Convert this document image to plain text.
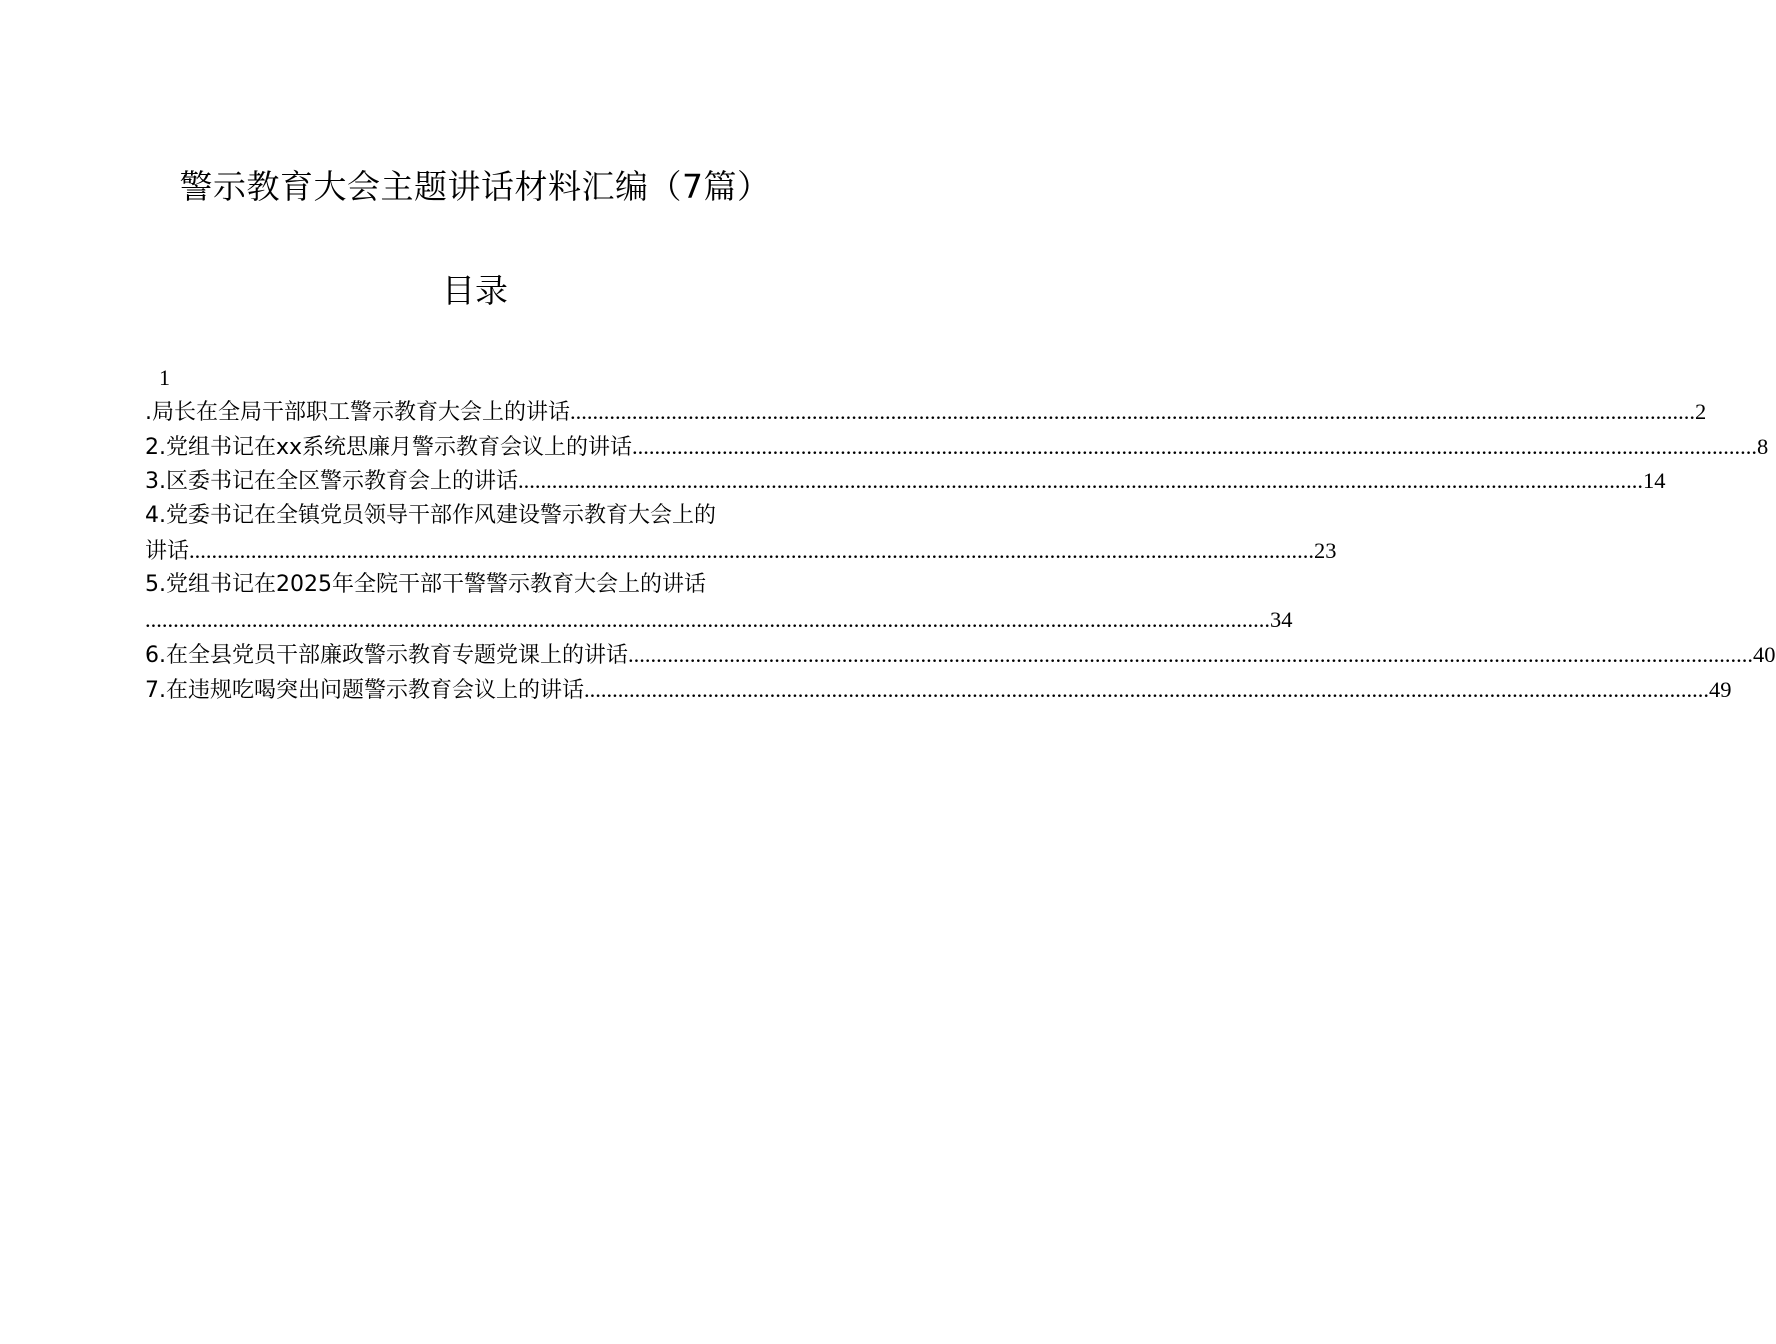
警示教育大会主题讲话材料汇编（7篇）
目录
1
.局长在全局干部职工警示教育大会上的讲话 ........................................................................................................................................................................................................ 2
2.党组书记在xx系统思廉月警示教育会议上的讲话 ........................................................................................................................................................................................................ 8
3.区委书记在全区警示教育会上的讲话 ........................................................................................................................................................................................................ 14
4.党委书记在全镇党员领导干部作风建设警示教育大会上的
讲话 ........................................................................................................................................................................................................ 23
5.党组书记在2025年全院干部干警警示教育大会上的讲话
........................................................................................................................................................................................................ 34
6.在全县党员干部廉政警示教育专题党课上的讲话 ........................................................................................................................................................................................................ 40
7.在违规吃喝突出问题警示教育会议上的讲话 ........................................................................................................................................................................................................ 49
